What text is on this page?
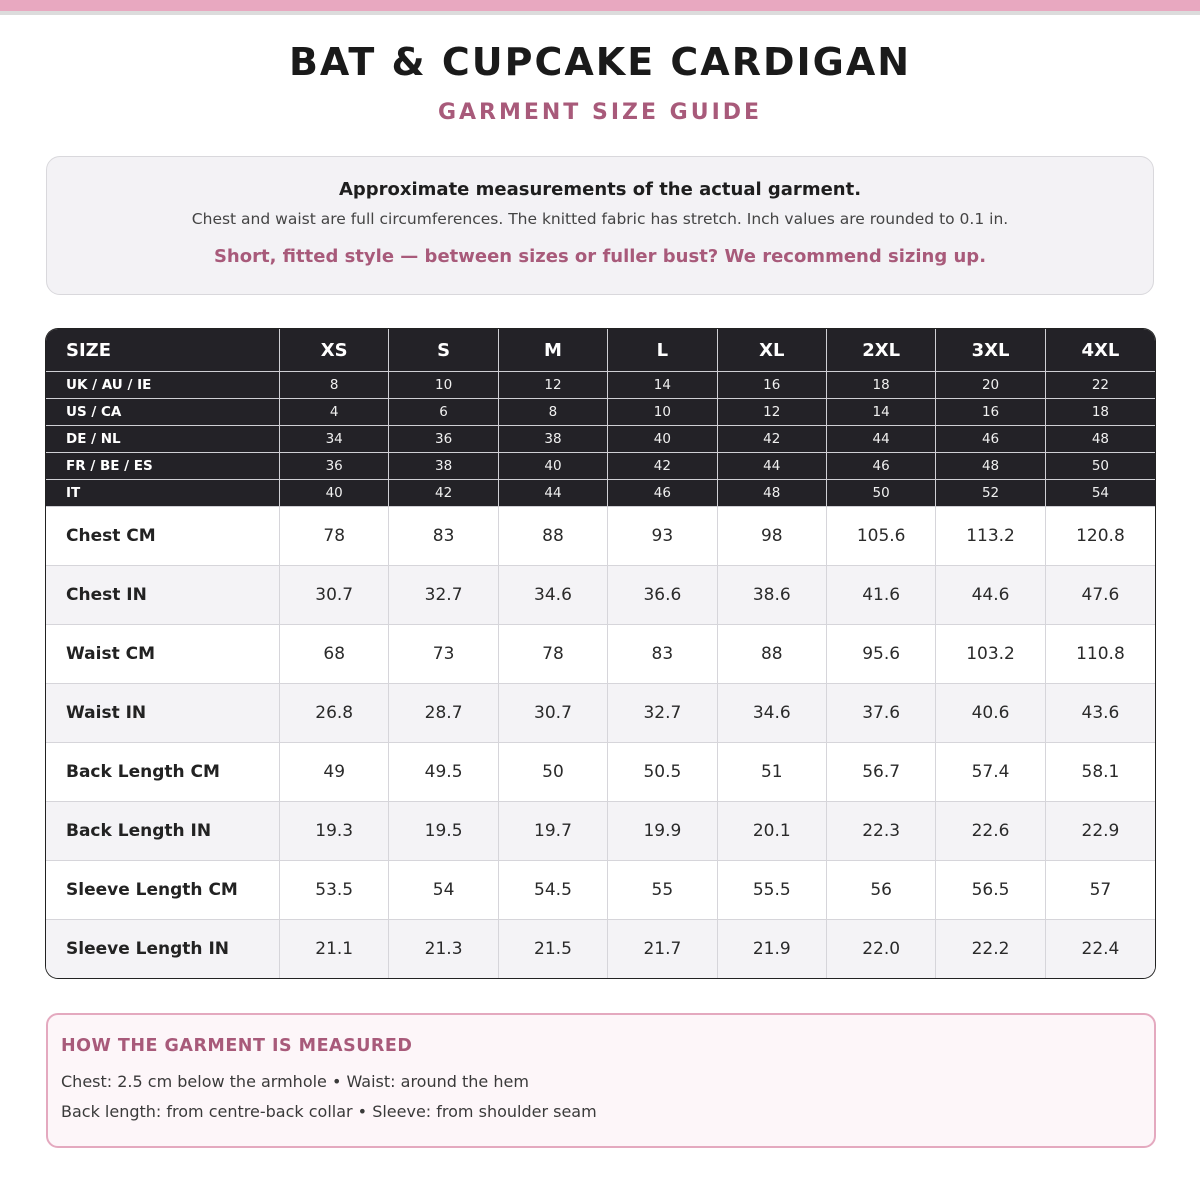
BAT & CUPCAKE CARDIGAN
GARMENT SIZE GUIDE
Approximate measurements of the actual garment.
Chest and waist are full circumferences. The knitted fabric has stretch. Inch values are rounded to 0.1 in.
Short, fitted style — between sizes or fuller bust? We recommend sizing up.
SIZE	XS	S	M	L	XL	2XL	3XL	4XL
UK / AU / IE	8	10	12	14	16	18	20	22
US / CA	4	6	8	10	12	14	16	18
DE / NL	34	36	38	40	42	44	46	48
FR / BE / ES	36	38	40	42	44	46	48	50
IT	40	42	44	46	48	50	52	54
Chest CM	78	83	88	93	98	105.6	113.2	120.8
Chest IN	30.7	32.7	34.6	36.6	38.6	41.6	44.6	47.6
Waist CM	68	73	78	83	88	95.6	103.2	110.8
Waist IN	26.8	28.7	30.7	32.7	34.6	37.6	40.6	43.6
Back Length CM	49	49.5	50	50.5	51	56.7	57.4	58.1
Back Length IN	19.3	19.5	19.7	19.9	20.1	22.3	22.6	22.9
Sleeve Length CM	53.5	54	54.5	55	55.5	56	56.5	57
Sleeve Length IN	21.1	21.3	21.5	21.7	21.9	22.0	22.2	22.4
HOW THE GARMENT IS MEASURED
Chest: 2.5 cm below the armhole • Waist: around the hem
Back length: from centre-back collar • Sleeve: from shoulder seam
